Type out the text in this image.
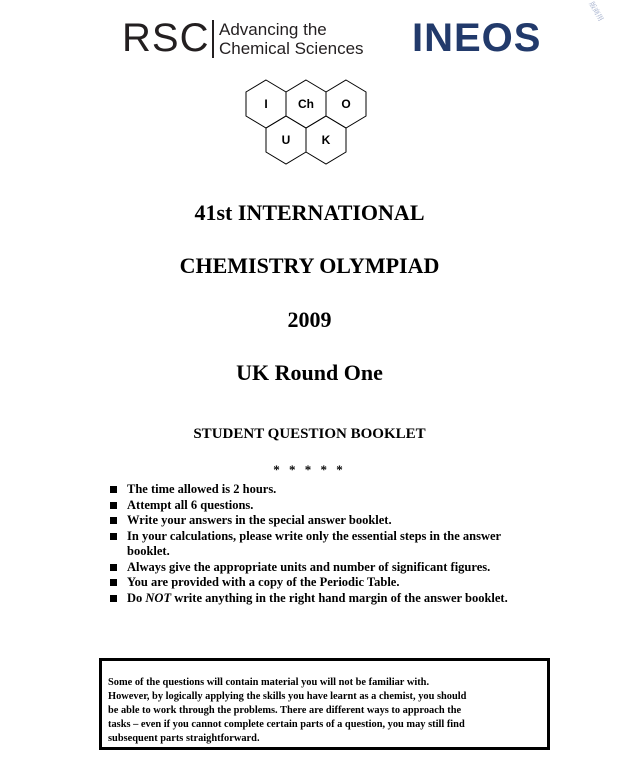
RSC Advancing the
Chemical Sciences INEOS
版商用
I	Ch O
U	K
41st INTERNATIONAL
CHEMISTRY OLYMPIAD
2009
UK Round One
STUDENT QUESTION BOOKLET
* * * * *
The time allowed is 2 hours.
Attempt all 6 questions.
Write your answers in the special answer booklet.
In your calculations, please write only the essential steps in the answer booklet.
Always give the appropriate units and number of significant figures.
You are provided with a copy of the Periodic Table.
Do NOT write anything in the right hand margin of the answer booklet.
Some of the questions will contain material you will not be familiar with.
However, by logically applying the skills you have learnt as a chemist, you should
be able to work through the problems. There are different ways to approach the
tasks – even if you cannot complete certain parts of a question, you may still find
subsequent parts straightforward.
